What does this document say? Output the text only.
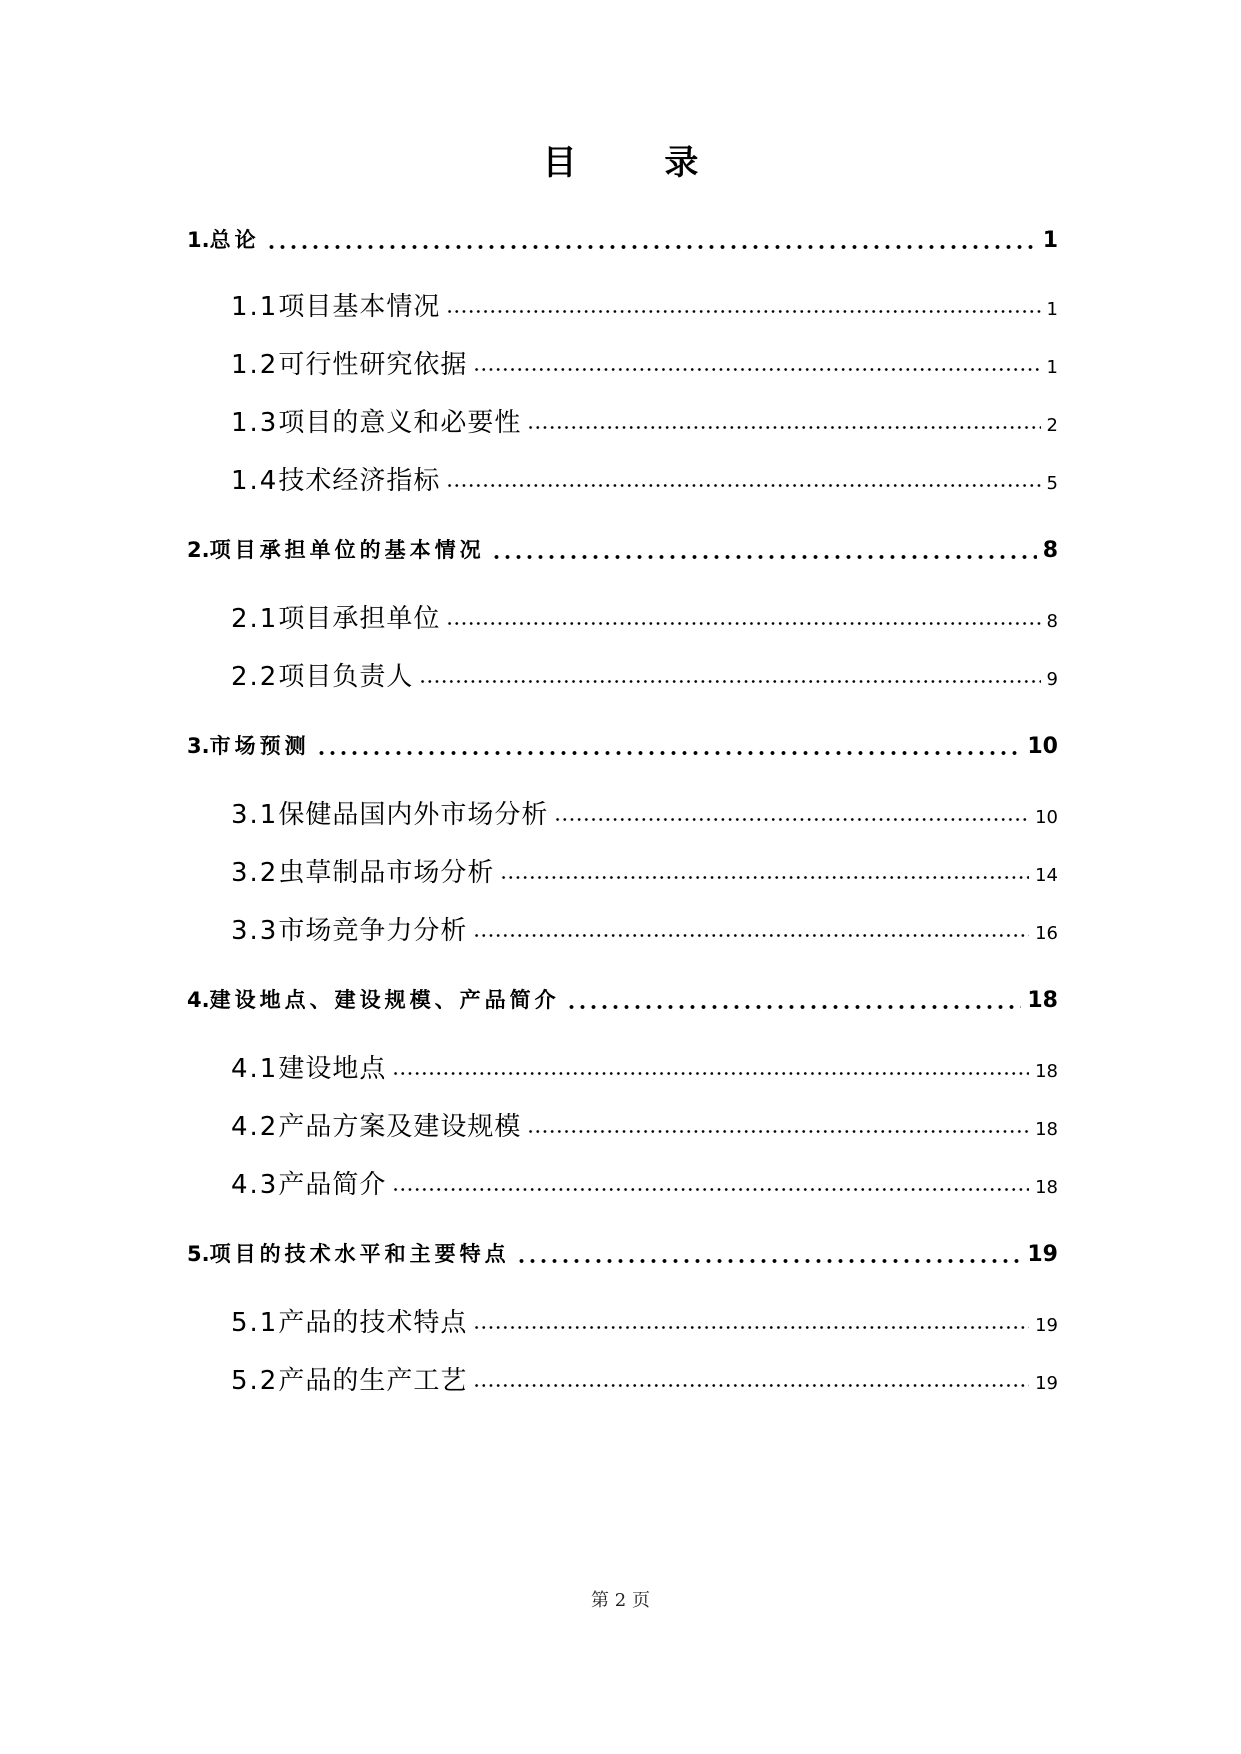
目 录
1. 总论	1
1.1 项目基本情况	1
1.2 可行性研究依据	1
1.3 项目的意义和必要性	2
1.4 技术经济指标	5
2. 项目承担单位的基本情况	8
2.1 项目承担单位	8
2.2 项目负责人	9
3. 市场预测	10
3.1 保健品国内外市场分析	10
3.2 虫草制品市场分析	14
3.3 市场竞争力分析	16
4. 建设地点、建设规模、产品简介	18
4.1 建设地点	18
4.2 产品方案及建设规模	18
4.3 产品简介	18
5. 项目的技术水平和主要特点	19
5.1 产品的技术特点	19
5.2 产品的生产工艺	19
第 2 页
